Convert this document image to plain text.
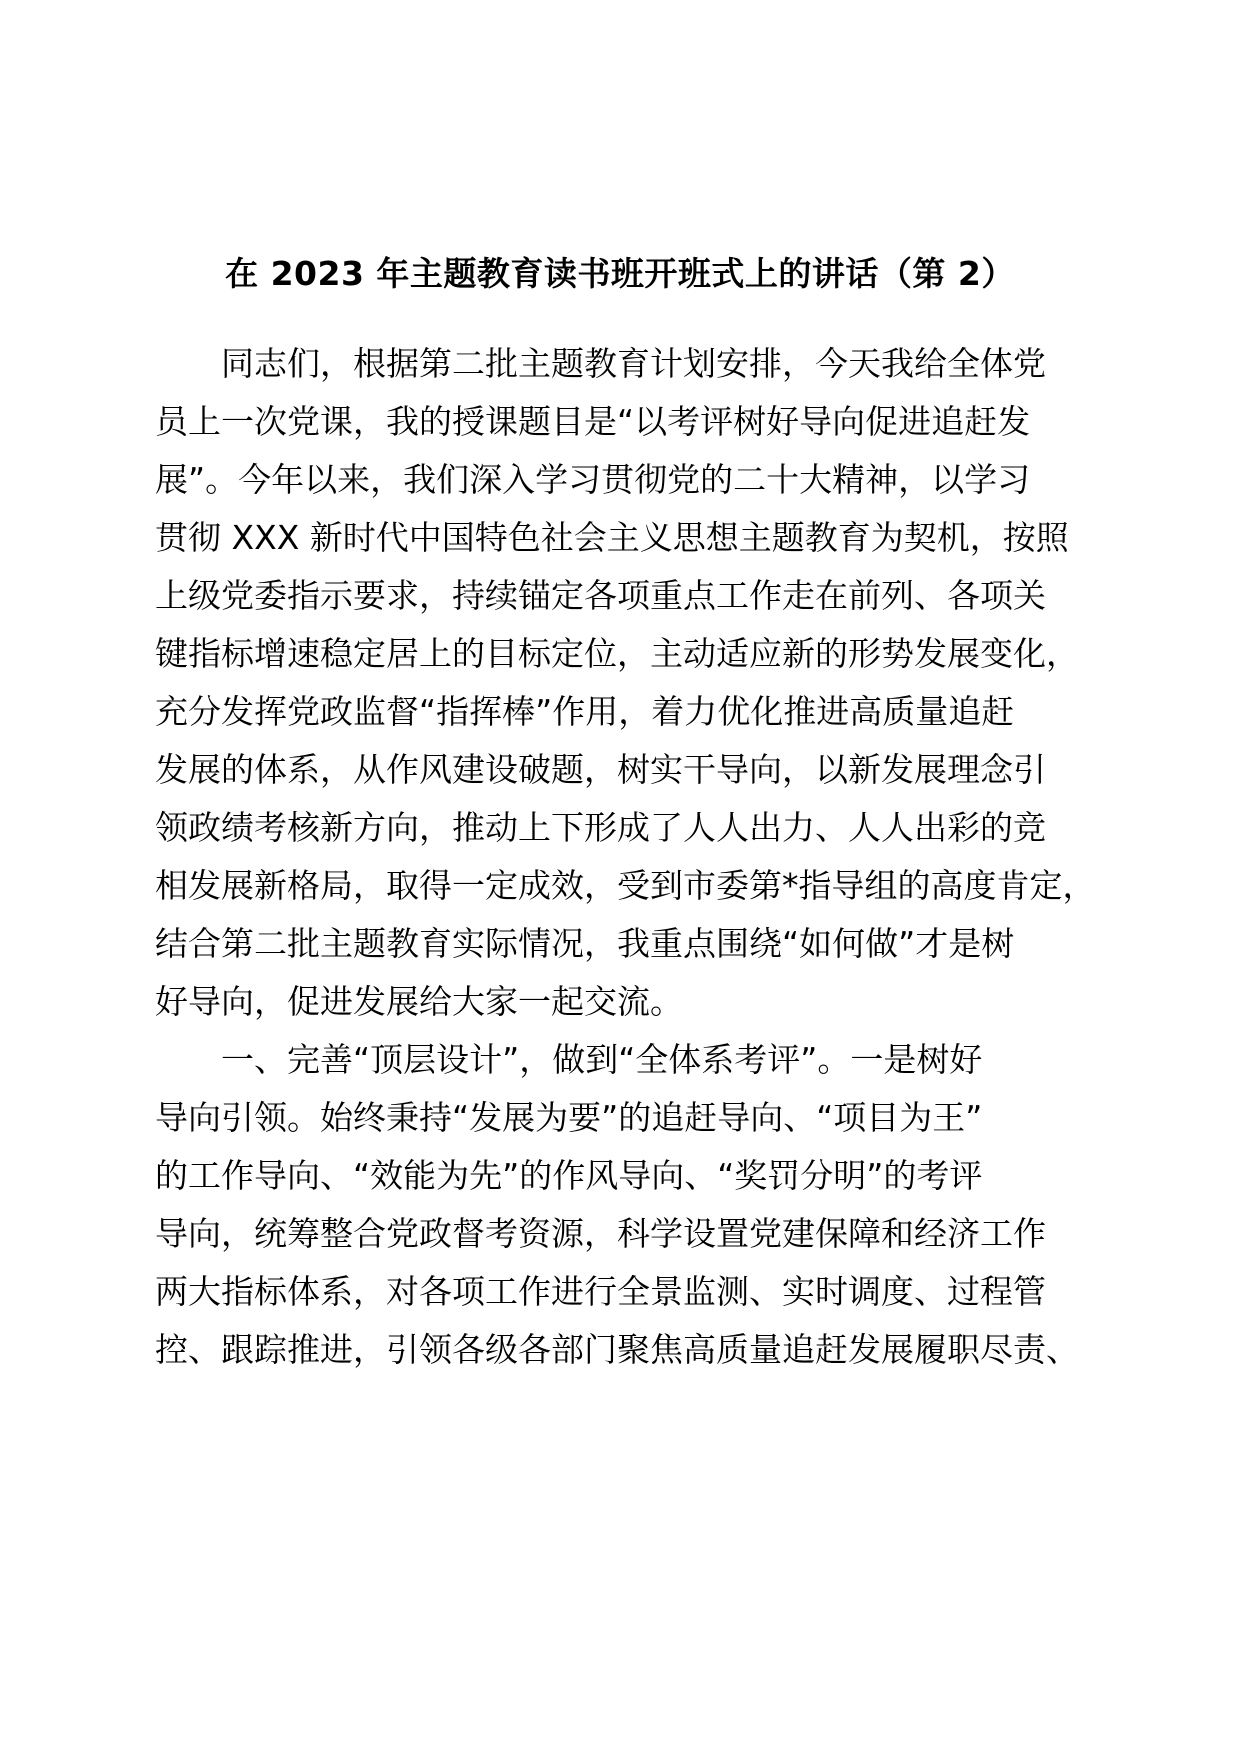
在 2023 年主题教育读书班开班式上的讲话（第 2）

同志们，根据第二批主题教育计划安排，今天我给全体党

员上一次党课，我的授课题目是“以考评树好导向促进追赶发

展”。今年以来，我们深入学习贯彻党的二十大精神，以学习

贯彻 XXX 新时代中国特色社会主义思想主题教育为契机，按照

上级党委指示要求，持续锚定各项重点工作走在前列、各项关

键指标增速稳定居上的目标定位，主动适应新的形势发展变化，

充分发挥党政监督“指挥棒”作用，着力优化推进高质量追赶

发展的体系，从作风建设破题，树实干导向，以新发展理念引

领政绩考核新方向，推动上下形成了人人出力、人人出彩的竞

相发展新格局，取得一定成效，受到市委第*指导组的高度肯定，

结合第二批主题教育实际情况，我重点围绕“如何做”才是树

好导向，促进发展给大家一起交流。

一、完善“顶层设计”，做到“全体系考评”。一是树好

导向引领。始终秉持“发展为要”的追赶导向、“项目为王”

的工作导向、“效能为先”的作风导向、“奖罚分明”的考评

导向，统筹整合党政督考资源，科学设置党建保障和经济工作

两大指标体系，对各项工作进行全景监测、实时调度、过程管

控、跟踪推进，引领各级各部门聚焦高质量追赶发展履职尽责、
